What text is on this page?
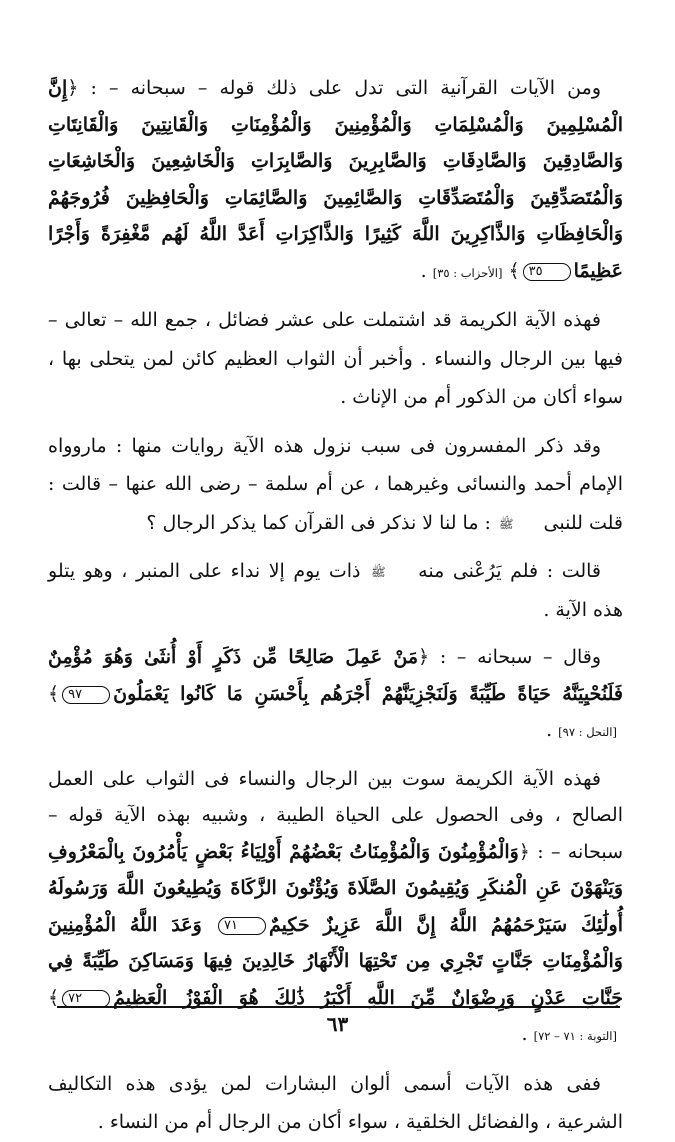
ومن الآيات القرآنية التى تدل على ذلك قوله – سبحانه – : ﴿إِنَّ الْمُسْلِمِينَ وَالْمُسْلِمَاتِ وَالْمُؤْمِنِينَ وَالْمُؤْمِنَاتِ وَالْقَانِتِينَ وَالْقَانِتَاتِ وَالصَّادِقِينَ وَالصَّادِقَاتِ وَالصَّابِرِينَ وَالصَّابِرَاتِ وَالْخَاشِعِينَ وَالْخَاشِعَاتِ وَالْمُتَصَدِّقِينَ وَالْمُتَصَدِّقَاتِ وَالصَّائِمِينَ وَالصَّائِمَاتِ وَالْحَافِظِينَ فُرُوجَهُمْ وَالْحَافِظَاتِ وَالذَّاكِرِينَ اللَّهَ كَثِيرًا وَالذَّاكِرَاتِ أَعَدَّ اللَّهُ لَهُم مَّغْفِرَةً وَأَجْرًا عَظِيمًا٣٥﴾[الأحزاب : ٣٥].

فهذه الآية الكريمة قد اشتملت على عشر فضائل ، جمع الله – تعالى – فيها بين الرجال والنساء . وأخبر أن الثواب العظيم كائن لمن يتحلى بها ، سواء أكان من الذكور أم من الإناث .

وقد ذكر المفسرون فى سبب نزول هذه الآية روايات منها : ماروواه الإمام أحمد والنسائى وغيرهما ، عن أم سلمة – رضى الله عنها – قالت : قلت للنبى ﷺ : ما لنا لا نذكر فى القرآن كما يذكر الرجال ؟

قالت : فلم يَرُعْنى منه ﷺ ذات يوم إلا نداء على المنبر ، وهو يتلو هذه الآية .

وقال – سبحانه – : ﴿مَنْ عَمِلَ صَالِحًا مِّن ذَكَرٍ أَوْ أُنثَىٰ وَهُوَ مُؤْمِنٌ فَلَنُحْيِيَنَّهُ حَيَاةً طَيِّبَةً وَلَنَجْزِيَنَّهُمْ أَجْرَهُم بِأَحْسَنِ مَا كَانُوا يَعْمَلُونَ٩٧﴾[النحل : ٩٧].

فهذه الآية الكريمة سوت بين الرجال والنساء فى الثواب على العمل الصالح ، وفى الحصول على الحياة الطيبة ، وشبيه بهذه الآية قوله – سبحانه – : ﴿وَالْمُؤْمِنُونَ وَالْمُؤْمِنَاتُ بَعْضُهُمْ أَوْلِيَاءُ بَعْضٍ يَأْمُرُونَ بِالْمَعْرُوفِ وَيَنْهَوْنَ عَنِ الْمُنكَرِ وَيُقِيمُونَ الصَّلَاةَ وَيُؤْتُونَ الزَّكَاةَ وَيُطِيعُونَ اللَّهَ وَرَسُولَهُ أُولَٰئِكَ سَيَرْحَمُهُمُ اللَّهُ إِنَّ اللَّهَ عَزِيزٌ حَكِيمٌ٧١ وَعَدَ اللَّهُ الْمُؤْمِنِينَ وَالْمُؤْمِنَاتِ جَنَّاتٍ تَجْرِي مِن تَحْتِهَا الْأَنْهَارُ خَالِدِينَ فِيهَا وَمَسَاكِنَ طَيِّبَةً فِي جَنَّاتِ عَدْنٍ وَرِضْوَانٌ مِّنَ اللَّهِ أَكْبَرُ ذَٰلِكَ هُوَ الْفَوْزُ الْعَظِيمُ٧٢﴾[التوبة : ٧١ – ٧٢].

ففى هذه الآيات أسمى ألوان البشارات لمن يؤدى هذه التكاليف الشرعية ، والفضائل الخلقية ، سواء أكان من الرجال أم من النساء .

٦٣
